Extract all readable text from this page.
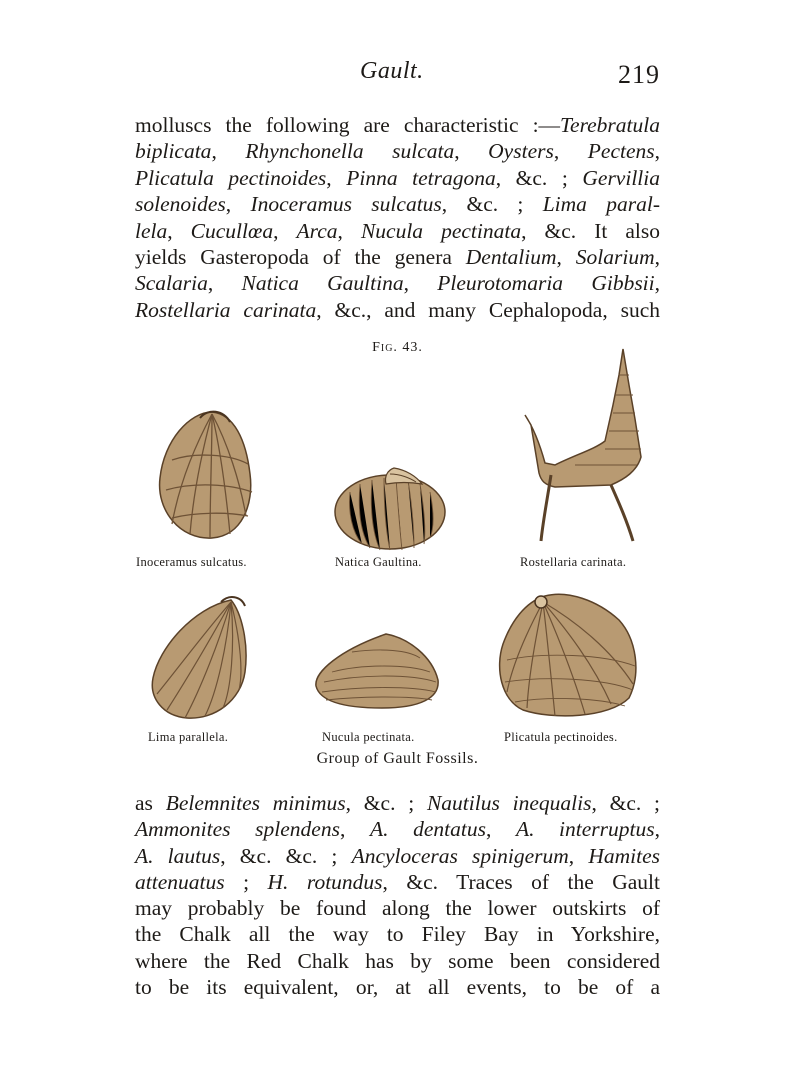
Gault.	219
molluscs the following are characteristic :—Terebratula
biplicata, Rhynchonella sulcata, Oysters, Pectens,
Plicatula pectinoides, Pinna tetragona, &c. ; Gervillia
solenoides, Inoceramus sulcatus, &c. ; Lima paral-
lela, Cucullœa, Arca, Nucula pectinata, &c. It also
yields Gasteropoda of the genera Dentalium, Solarium,
Scalaria, Natica Gaultina, Pleurotomaria Gibbsii,
Rostellaria carinata, &c., and many Cephalopoda, such
Fig. 43.
Inoceramus sulcatus.	Natica Gaultina.	Rostellaria carinata.
Lima parallela.	Nucula pectinata.	Plicatula pectinoides.
Group of Gault Fossils.
as Belemnites minimus, &c. ; Nautilus inequalis, &c. ;
Ammonites splendens, A. dentatus, A. interruptus,
A. lautus, &c. &c. ; Ancyloceras spinigerum, Hamites
attenuatus ; H. rotundus, &c. Traces of the Gault
may probably be found along the lower outskirts of
the Chalk all the way to Filey Bay in Yorkshire,
where the Red Chalk has by some been considered
to be its equivalent, or, at all events, to be of a
